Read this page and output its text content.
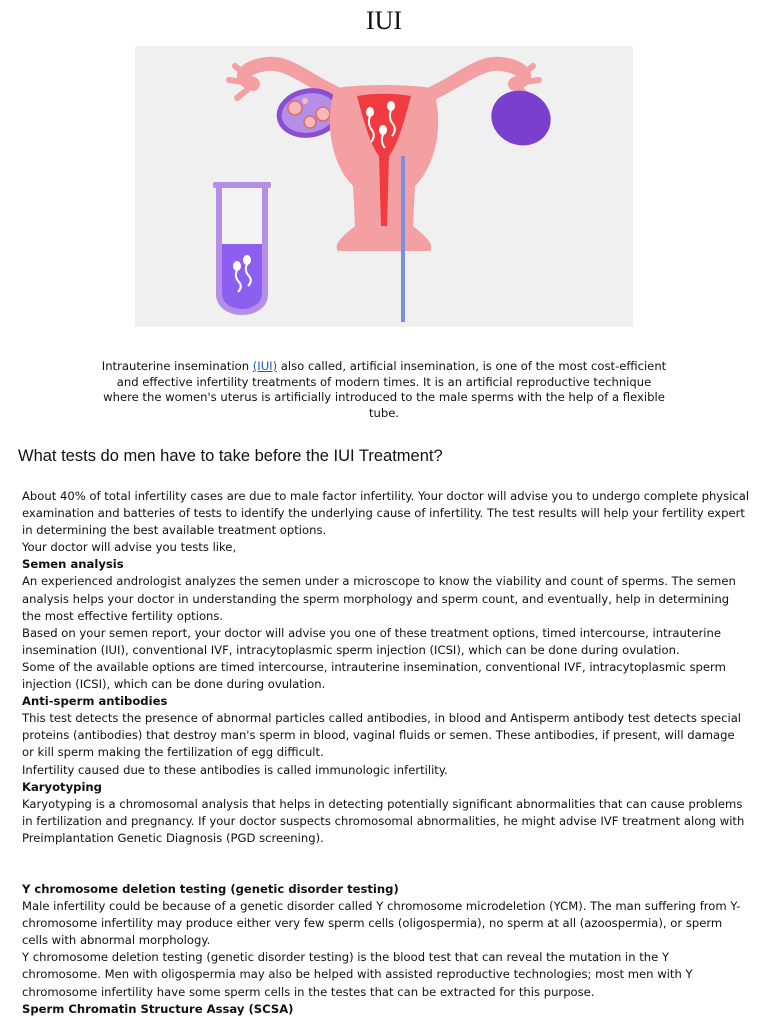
IUI
Intrauterine insemination (IUI) also called, artificial insemination, is one of the most cost-efficient and effective infertility treatments of modern times. It is an artificial reproductive technique where the women's uterus is artificially introduced to the male sperms with the help of a flexible tube.
What tests do men have to take before the IUI Treatment?

About 40% of total infertility cases are due to male factor infertility. Your doctor will advise you to undergo complete physical examination and batteries of tests to identify the underlying cause of infertility. The test results will help your fertility expert in determining the best available treatment options.

Your doctor will advise you tests like,

Semen analysis

An experienced andrologist analyzes the semen under a microscope to know the viability and count of sperms. The semen analysis helps your doctor in understanding the sperm morphology and sperm count, and eventually, help in determining the most effective fertility options.

Based on your semen report, your doctor will advise you one of these treatment options, timed intercourse, intrauterine insemination (IUI), conventional IVF, intracytoplasmic sperm injection (ICSI), which can be done during ovulation.

Some of the available options are timed intercourse, intrauterine insemination, conventional IVF, intracytoplasmic sperm injection (ICSI), which can be done during ovulation.

Anti-sperm antibodies

This test detects the presence of abnormal particles called antibodies, in blood and Antisperm antibody test detects special proteins (antibodies) that destroy man's sperm in blood, vaginal fluids or semen. These antibodies, if present, will damage or kill sperm making the fertilization of egg difficult.

Infertility caused due to these antibodies is called immunologic infertility.

Karyotyping

Karyotyping is a chromosomal analysis that helps in detecting potentially significant abnormalities that can cause problems in fertilization and pregnancy. If your doctor suspects chromosomal abnormalities, he might advise IVF treatment along with Preimplantation Genetic Diagnosis (PGD screening).

Y chromosome deletion testing (genetic disorder testing)

Male infertility could be because of a genetic disorder called Y chromosome microdeletion (YCM). The man suffering from Y-chromosome infertility may produce either very few sperm cells (oligospermia), no sperm at all (azoospermia), or sperm cells with abnormal morphology.

Y chromosome deletion testing (genetic disorder testing) is the blood test that can reveal the mutation in the Y chromosome. Men with oligospermia may also be helped with assisted reproductive technologies; most men with Y chromosome infertility have some sperm cells in the testes that can be extracted for this purpose.

Sperm Chromatin Structure Assay (SCSA)
